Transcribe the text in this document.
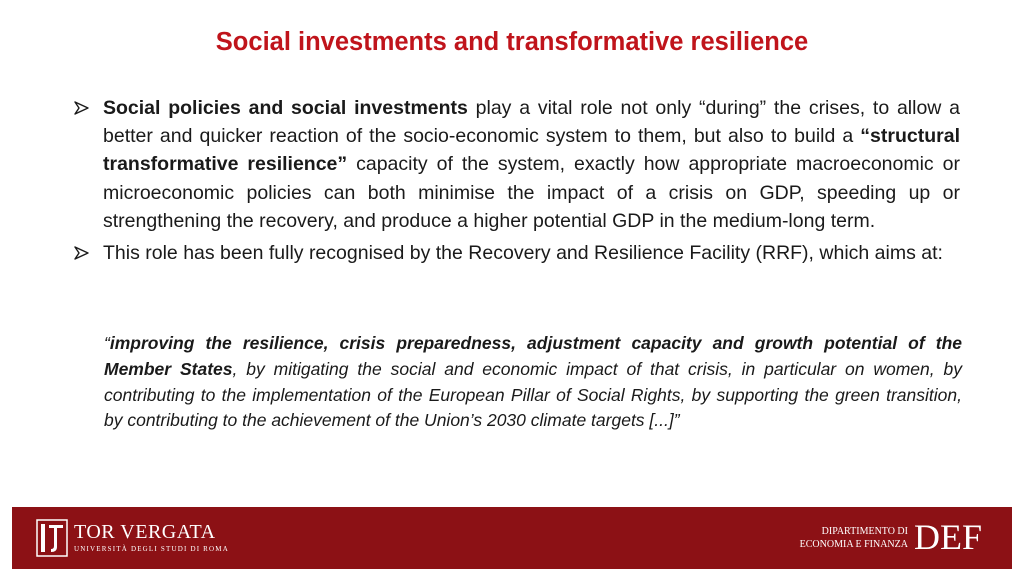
Social investments and transformative resilience
Social policies and social investments play a vital role not only “during” the crises, to allow a better and quicker reaction of the socio-economic system to them, but also to build a “structural transformative resilience” capacity of the system, exactly how appropriate macroeconomic or microeconomic policies can both minimise the impact of a crisis on GDP, speeding up or strengthening the recovery, and produce a higher potential GDP in the medium-long term.
This role has been fully recognised by the Recovery and Resilience Facility (RRF), which aims at:
“improving the resilience, crisis preparedness, adjustment capacity and growth potential of the Member States, by mitigating the social and economic impact of that crisis, in particular on women, by contributing to the implementation of the European Pillar of Social Rights, by supporting the green transition, by contributing to the achievement of the Union’s 2030 climate targets [...]”
TOR VERGATA
UNIVERSITÀ DEGLI STUDI DI ROMA
DIPARTIMENTO DI
ECONOMIA E FINANZA DEF
